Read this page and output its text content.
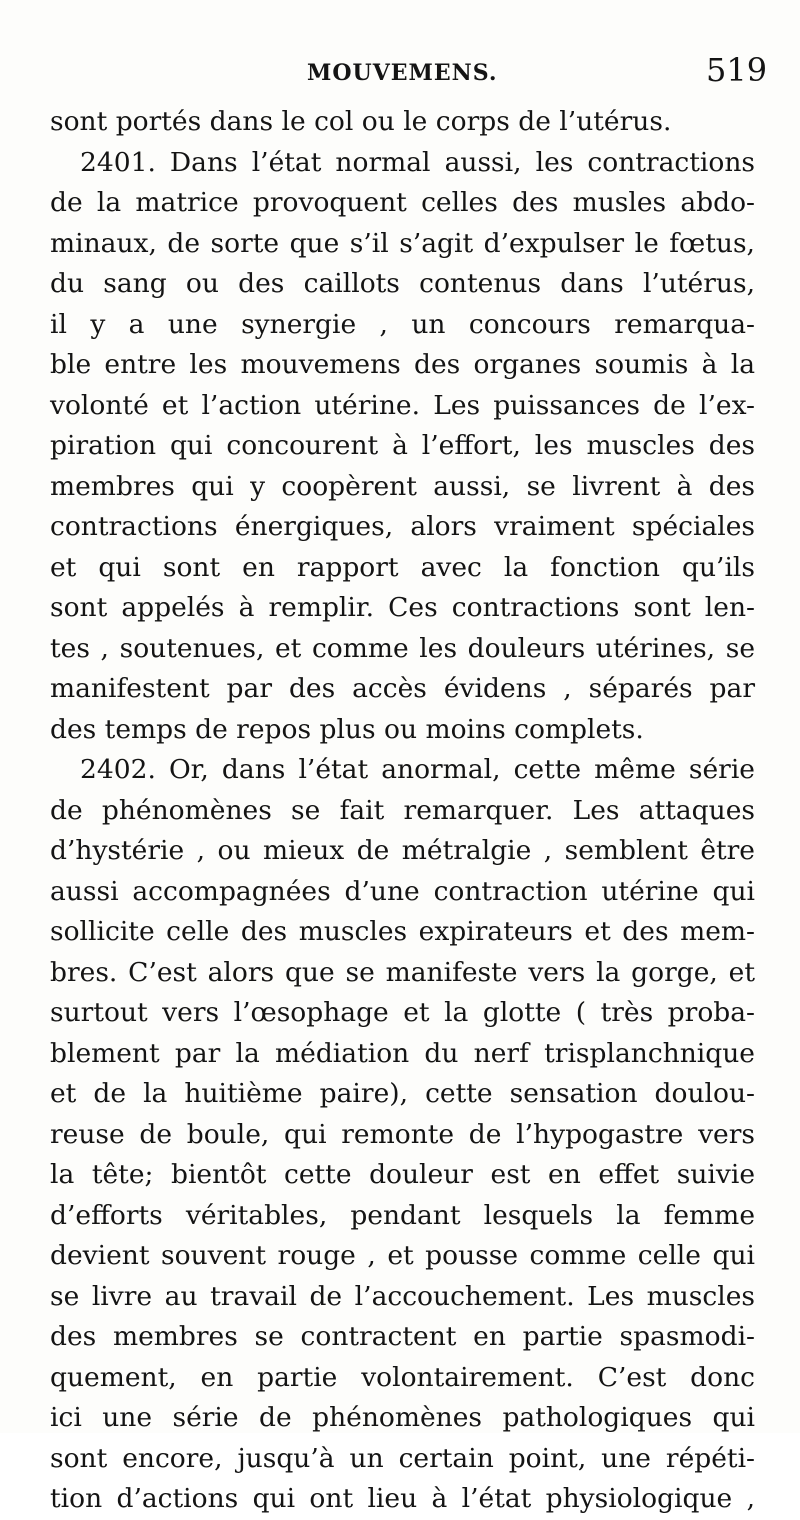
MOUVEMENS.	519
sont portés dans le col ou le corps de l’utérus.
2401. Dans l’état normal aussi, les contractions
de la matrice provoquent celles des musles abdo-
minaux, de sorte que s’il s’agit d’expulser le fœtus,
du sang ou des caillots contenus dans l’utérus,
il y a une synergie , un concours remarqua-
ble entre les mouvemens des organes soumis à la
volonté et l’action utérine. Les puissances de l’ex-
piration qui concourent à l’effort, les muscles des
membres qui y coopèrent aussi, se livrent à des
contractions énergiques, alors vraiment spéciales
et qui sont en rapport avec la fonction qu’ils
sont appelés à remplir. Ces contractions sont len-
tes , soutenues, et comme les douleurs utérines, se
manifestent par des accès évidens , séparés par
des temps de repos plus ou moins complets.
2402. Or, dans l’état anormal, cette même série
de phénomènes se fait remarquer. Les attaques
d’hystérie , ou mieux de métralgie , semblent être
aussi accompagnées d’une contraction utérine qui
sollicite celle des muscles expirateurs et des mem-
bres. C’est alors que se manifeste vers la gorge, et
surtout vers l’œsophage et la glotte ( très proba-
blement par la médiation du nerf trisplanchnique
et de la huitième paire), cette sensation doulou-
reuse de boule, qui remonte de l’hypogastre vers
la tête; bientôt cette douleur est en effet suivie
d’efforts véritables, pendant lesquels la femme
devient souvent rouge , et pousse comme celle qui
se livre au travail de l’accouchement. Les muscles
des membres se contractent en partie spasmodi-
quement, en partie volontairement. C’est donc
ici une série de phénomènes pathologiques qui
sont encore, jusqu’à un certain point, une répéti-
tion d’actions qui ont lieu à l’état physiologique ,
